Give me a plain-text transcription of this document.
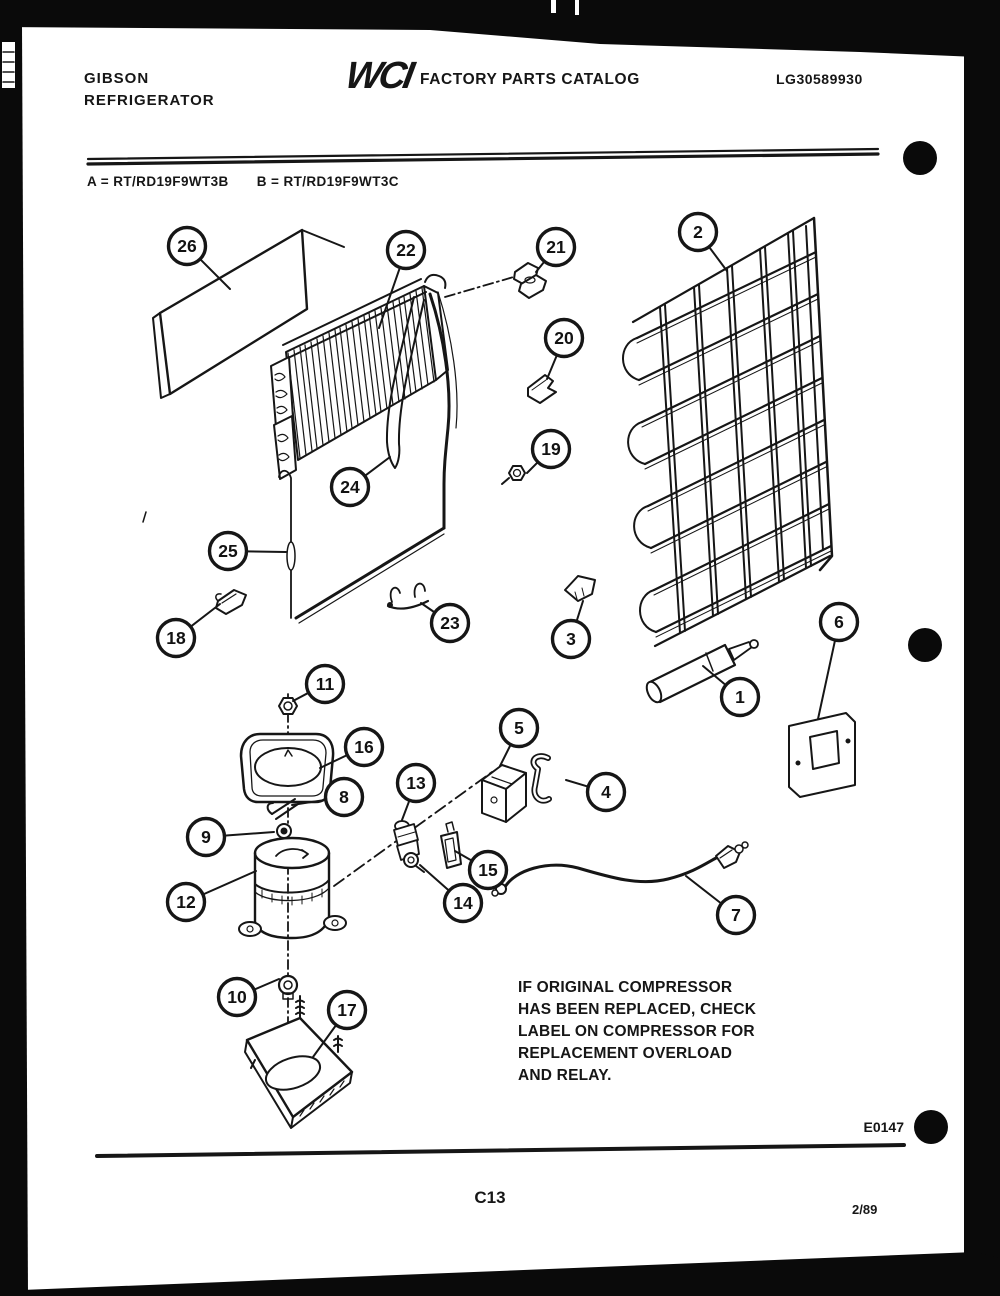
1
2
3
4
5
6
7
8
9
10
11
12
13
14
15
16
17
18
19
20
21
22
23
24
25
26
GIBSON
REFRIGERATOR
WCI FACTORY PARTS CATALOG	LG30589930
A = RT/RD19F9WT3B B = RT/RD19F9WT3C
IF ORIGINAL COMPRESSOR
HAS BEEN REPLACED, CHECK
LABEL ON COMPRESSOR FOR
REPLACEMENT OVERLOAD
AND RELAY.
E0147
C13
2/89
